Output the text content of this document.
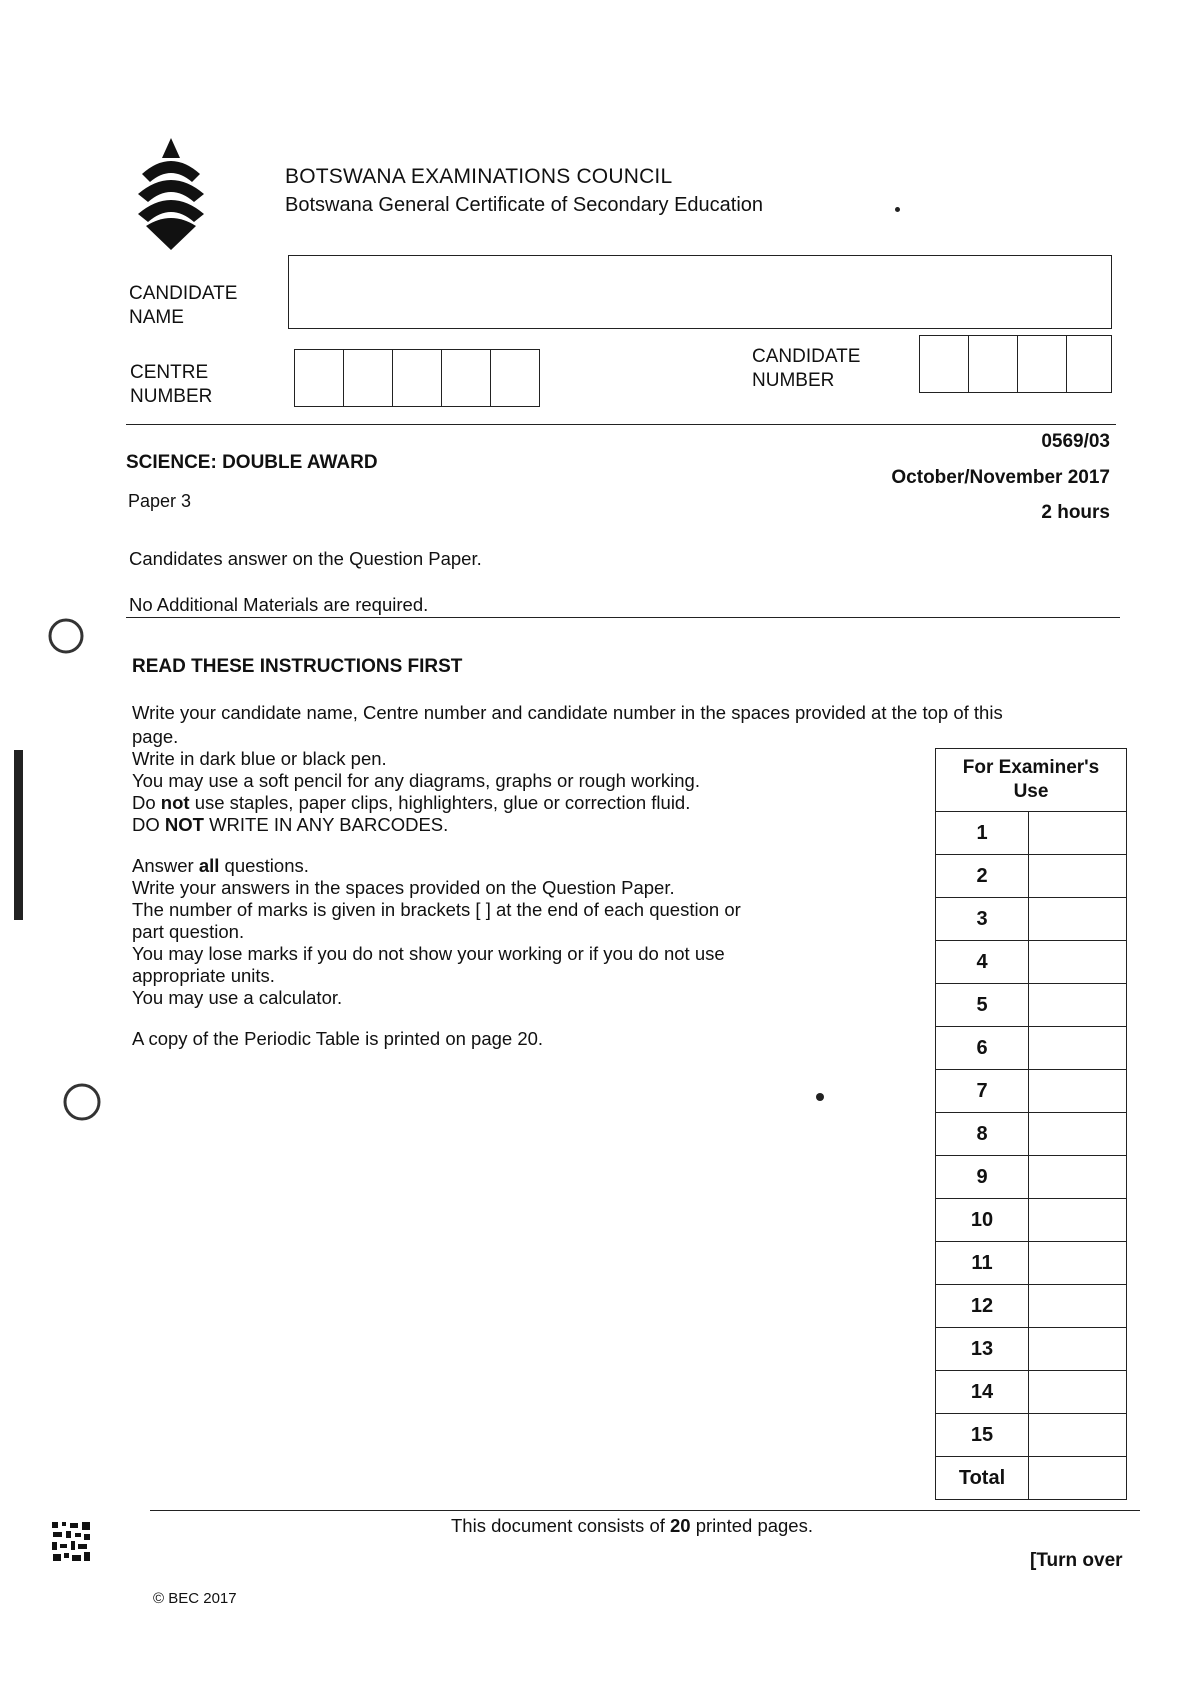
BOTSWANA EXAMINATIONS COUNCIL
Botswana General Certificate of Secondary Education
CANDIDATE
NAME
CENTRE
NUMBER
CANDIDATE
NUMBER
SCIENCE: DOUBLE AWARD
Paper 3
0569/03
October/November 2017
2 hours
Candidates answer on the Question Paper.
No Additional Materials are required.
READ THESE INSTRUCTIONS FIRST
Write your candidate name, Centre number and candidate number in the spaces provided at the top of this

page.

Write in dark blue or black pen.

You may use a soft pencil for any diagrams, graphs or rough working.

Do not use staples, paper clips, highlighters, glue or correction fluid.

DO NOT WRITE IN ANY BARCODES.

Answer all questions.

Write your answers in the spaces provided on the Question Paper.

The number of marks is given in brackets [ ] at the end of each question or

part question.

You may lose marks if you do not show your working or if you do not use

appropriate units.

You may use a calculator.

A copy of the Periodic Table is printed on page 20.

For Examiner's
Use	

1	
2	
3	
4	
5	
6	
7	
8	
9	
10	
11	
12	
13	
14	
15	
Total	
This document consists of 20 printed pages.
[Turn over
© BEC 2017
